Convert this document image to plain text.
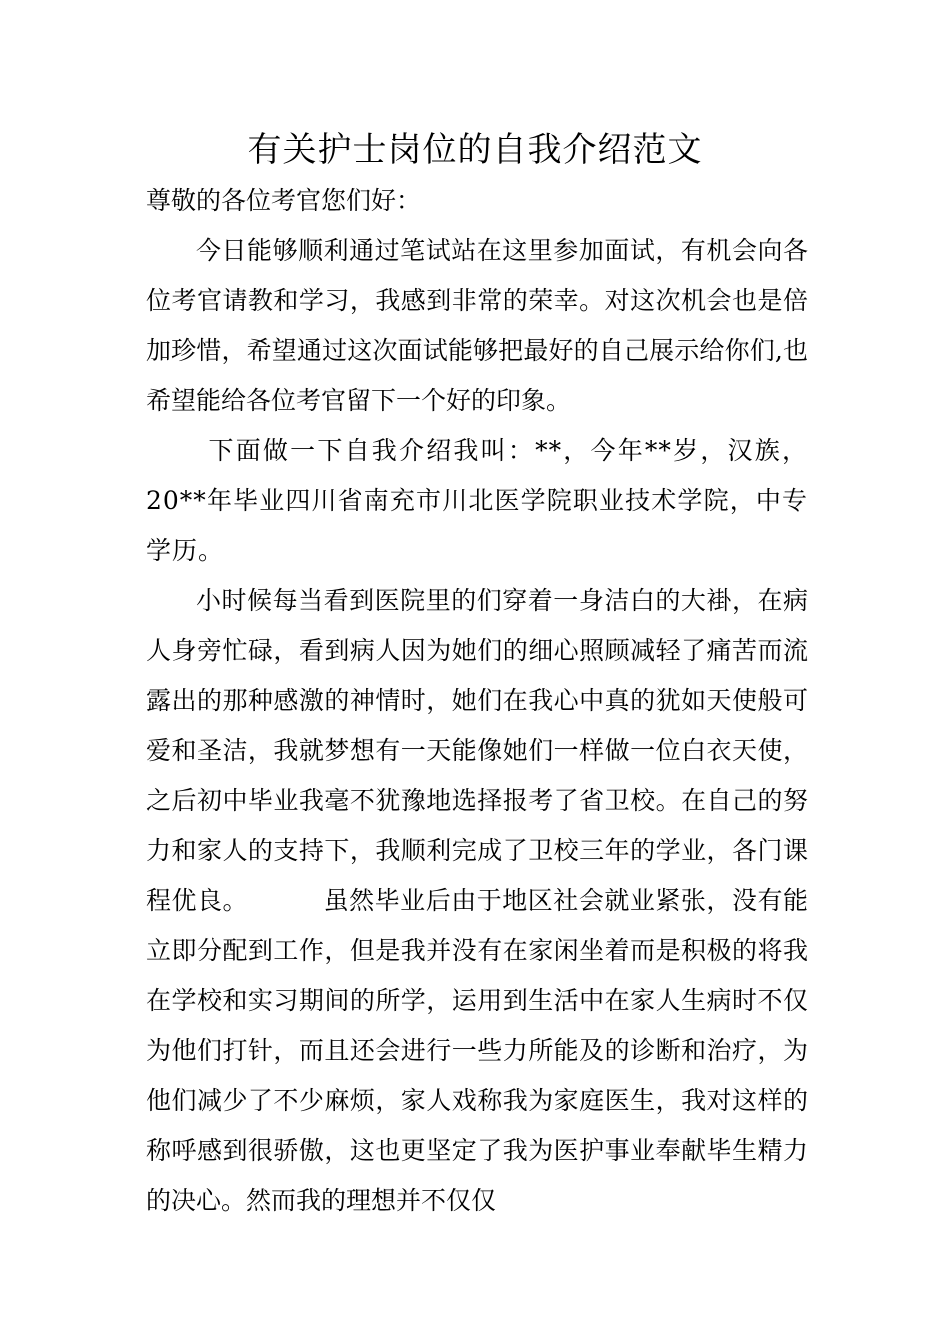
有关护士岗位的自我介绍范文

尊敬的各位考官您们好：

今日能够顺利通过笔试站在这里参加面试，有机会向各位考官请教和学习，我感到非常的荣幸。对这次机会也是倍加珍惜，希望通过这次面试能够把最好的自己展示给你们,也希望能给各位考官留下一个好的印象。

下面做一下自我介绍我叫：**，今年**岁，汉族，20**年毕业四川省南充市川北医学院职业技术学院，中专学历。

小时候每当看到医院里的们穿着一身洁白的大褂，在病人身旁忙碌，看到病人因为她们的细心照顾减轻了痛苦而流露出的那种感激的神情时，她们在我心中真的犹如天使般可爱和圣洁，我就梦想有一天能像她们一样做一位白衣天使，之后初中毕业我毫不犹豫地选择报考了省卫校。在自己的努力和家人的支持下，我顺利完成了卫校三年的学业，各门课程优良。	虽然毕业后由于地区社会就业紧张，没有能立即分配到工作，但是我并没有在家闲坐着而是积极的将我在学校和实习期间的所学，运用到生活中在家人生病时不仅为他们打针，而且还会进行一些力所能及的诊断和治疗，为他们减少了不少麻烦，家人戏称我为家庭医生，我对这样的称呼感到很骄傲，这也更坚定了我为医护事业奉献毕生精力的决心。然而我的理想并不仅仅
